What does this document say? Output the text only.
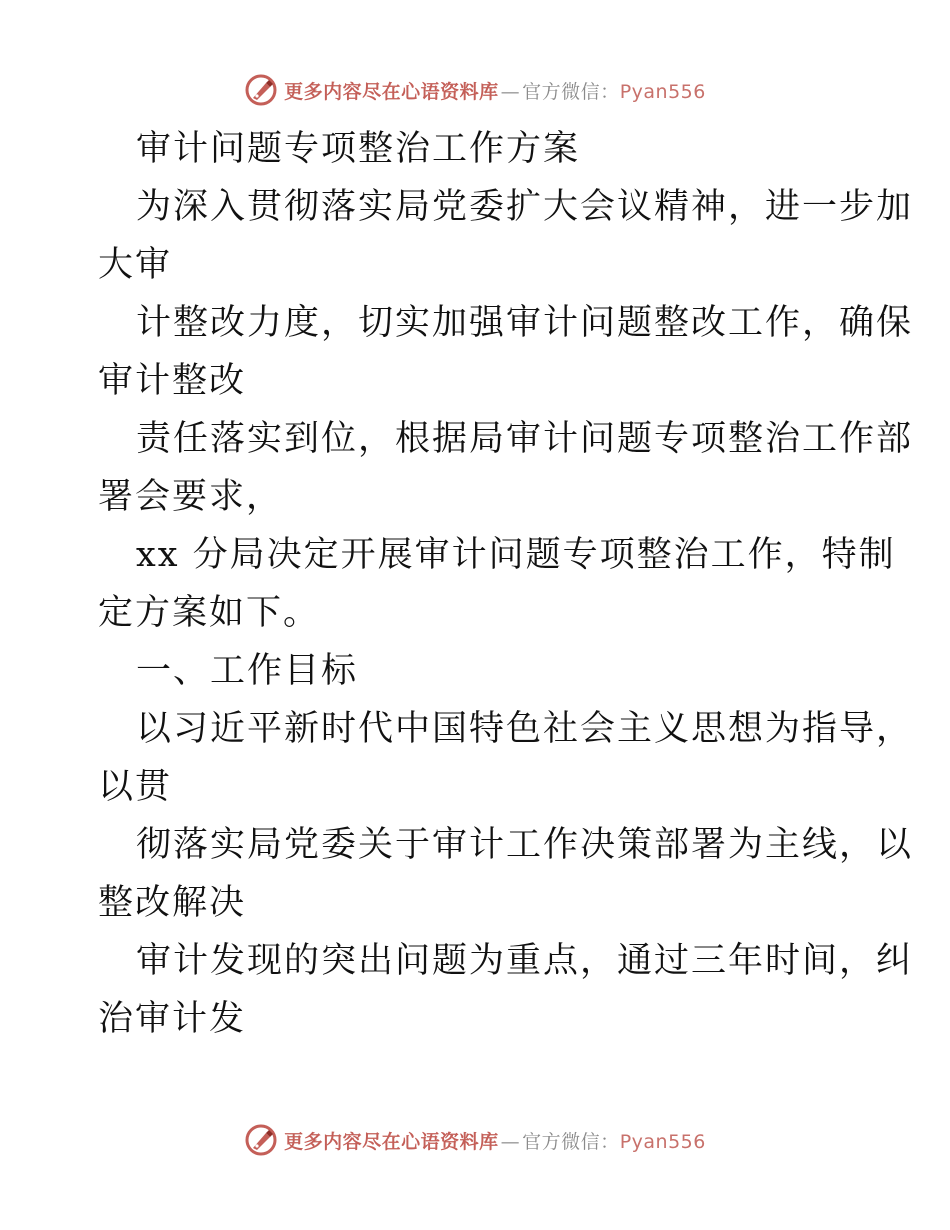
更多内容尽在心语资料库 — 官方微信：Pyan556
审计问题专项整治工作方案
为深入贯彻落实局党委扩大会议精神，进一步加
大审
计整改力度，切实加强审计问题整改工作，确保
审计整改
责任落实到位，根据局审计问题专项整治工作部
署会要求，
xx 分局决定开展审计问题专项整治工作，特制
定方案如下。
一、工作目标
以习近平新时代中国特色社会主义思想为指导，
以贯
彻落实局党委关于审计工作决策部署为主线，以
整改解决
审计发现的突出问题为重点，通过三年时间，纠
治审计发
更多内容尽在心语资料库 — 官方微信：Pyan556
